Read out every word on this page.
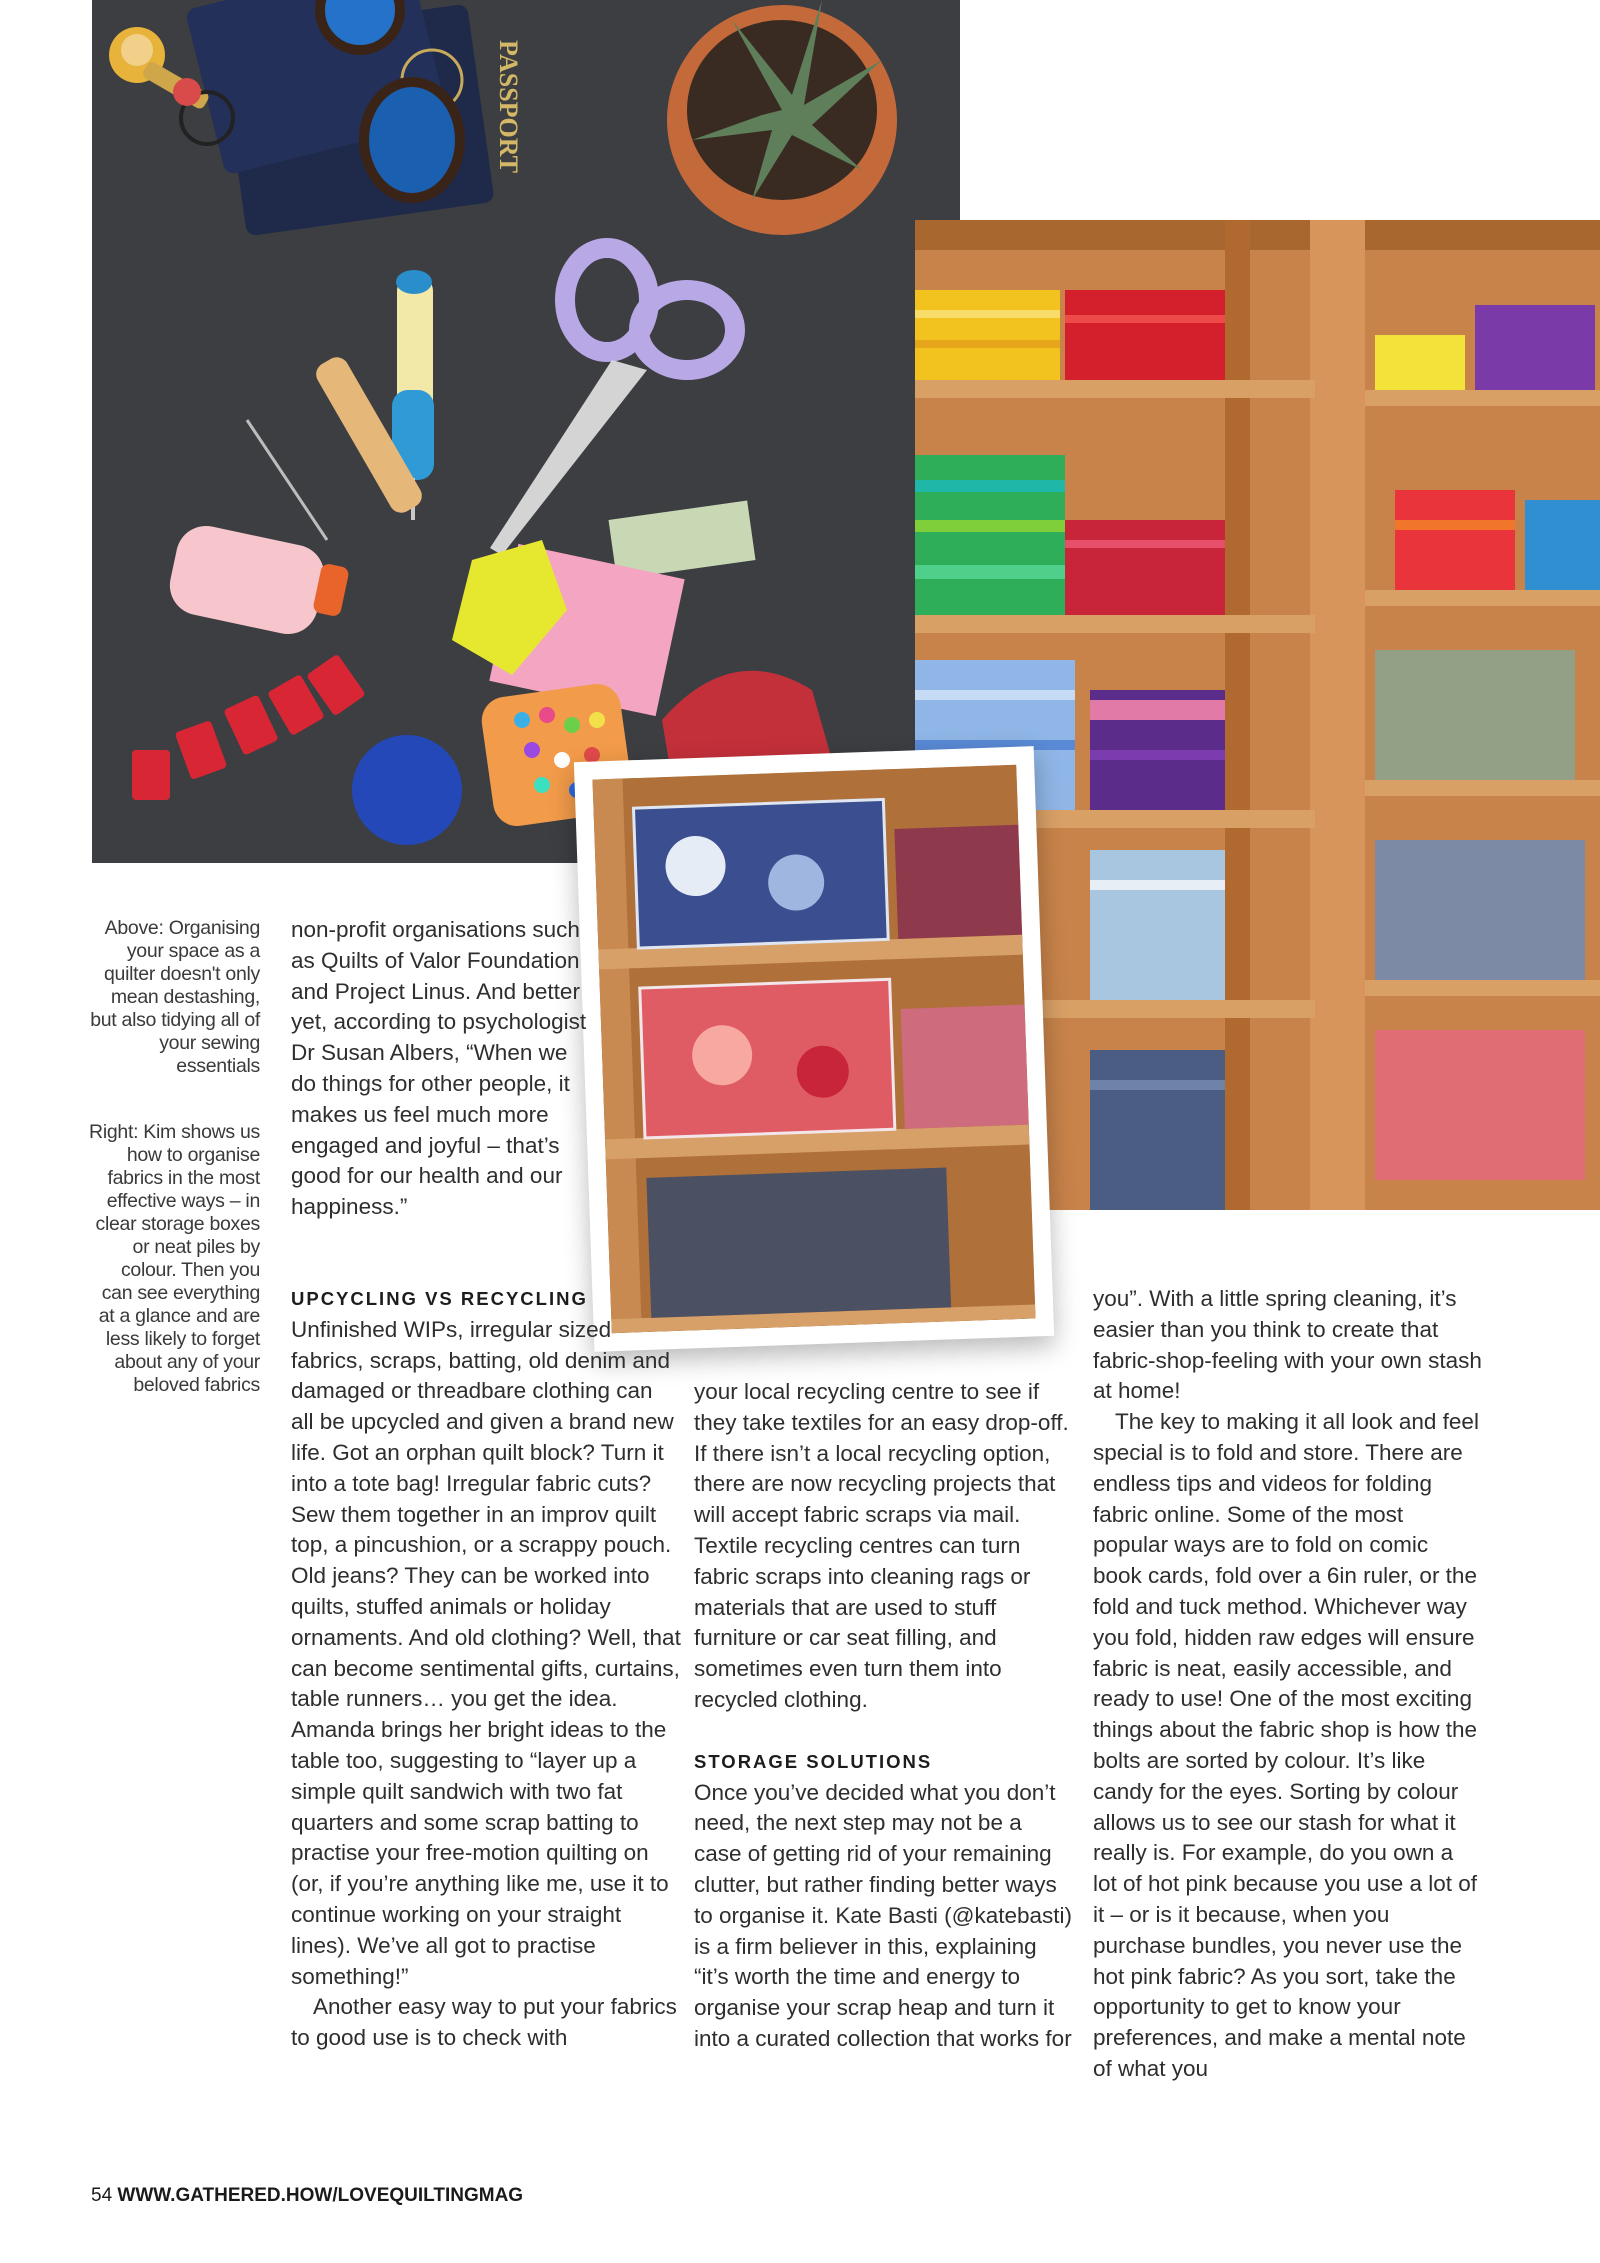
PASSPORT
Above: Organising your space as a quilter doesn't only mean destashing, but also tidying all of your sewing essentials
Right: Kim shows us how to organise fabrics in the most effective ways – in clear storage boxes or neat piles by colour. Then you can see everything at a glance and are less likely to forget about any of your beloved fabrics

non-profit organisations such as Quilts of Valor Foundation and Project Linus. And better yet, according to psychologist Dr Susan Albers, “When we do things for other people, it makes us feel much more engaged and joyful – that’s good for our health and our happiness.”

UPCYCLING VS RECYCLING

Unfinished WIPs, irregular sized fabrics, scraps, batting, old denim and damaged or threadbare clothing can all be upcycled and given a brand new life. Got an orphan quilt block? Turn it into a tote bag! Irregular fabric cuts? Sew them together in an improv quilt top, a pincushion, or a scrappy pouch. Old jeans? They can be worked into quilts, stuffed animals or holiday ornaments. And old clothing? Well, that can become sentimental gifts, curtains, table runners… you get the idea. Amanda brings her bright ideas to the table too, suggesting to “layer up a simple quilt sandwich with two fat quarters and some scrap batting to practise your free-motion quilting on (or, if you’re anything like me, use it to continue working on your straight lines). We’ve all got to practise something!”

Another easy way to put your fabrics to good use is to check with

your local recycling centre to see if they take textiles for an easy drop-off. If there isn’t a local recycling option, there are now recycling projects that will accept fabric scraps via mail. Textile recycling centres can turn fabric scraps into cleaning rags or materials that are used to stuff furniture or car seat filling, and sometimes even turn them into recycled clothing.

STORAGE SOLUTIONS

Once you’ve decided what you don’t need, the next step may not be a case of getting rid of your remaining clutter, but rather finding better ways to organise it. Kate Basti (@katebasti) is a firm believer in this, explaining “it’s worth the time and energy to organise your scrap heap and turn it into a curated collection that works for

you”. With a little spring cleaning, it’s easier than you think to create that fabric-shop-feeling with your own stash at home!

The key to making it all look and feel special is to fold and store. There are endless tips and videos for folding fabric online. Some of the most popular ways are to fold on comic book cards, fold over a 6in ruler, or the fold and tuck method. Whichever way you fold, hidden raw edges will ensure fabric is neat, easily accessible, and ready to use! One of the most exciting things about the fabric shop is how the bolts are sorted by colour. It’s like candy for the eyes. Sorting by colour allows us to see our stash for what it really is. For example, do you own a lot of hot pink because you use a lot of it – or is it because, when you purchase bundles, you never use the hot pink fabric? As you sort, take the opportunity to get to know your preferences, and make a mental note of what you

54 WWW.GATHERED.HOW/LOVEQUILTINGMAG
